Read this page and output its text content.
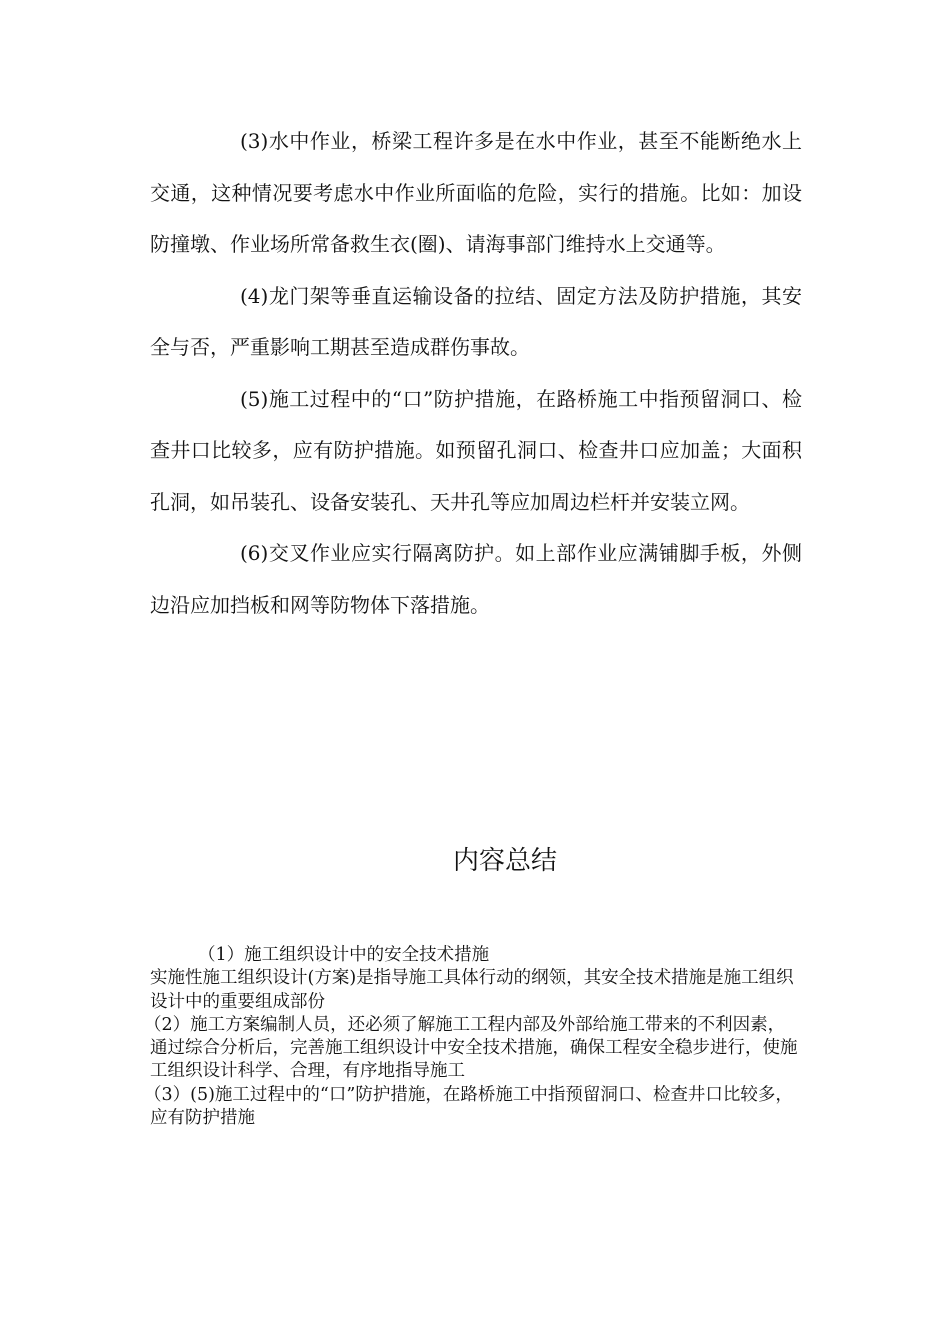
(3)水中作业，桥梁工程许多是在水中作业，甚至不能断绝水上交通，这种情况要考虑水中作业所面临的危险，实行的措施。比如：加设防撞墩、作业场所常备救生衣(圈)、请海事部门维持水上交通等。

(4)龙门架等垂直运输设备的拉结、固定方法及防护措施，其安全与否，严重影响工期甚至造成群伤事故。

(5)施工过程中的“口”防护措施，在路桥施工中指预留洞口、检查井口比较多，应有防护措施。如预留孔洞口、检查井口应加盖；大面积孔洞，如吊装孔、设备安装孔、天井孔等应加周边栏杆并安装立网。

(6)交叉作业应实行隔离防护。如上部作业应满铺脚手板，外侧边沿应加挡板和网等防物体下落措施。

内容总结

（1）施工组织设计中的安全技术措施

实施性施工组织设计(方案)是指导施工具体行动的纲领，其安全技术措施是施工组织设计中的重要组成部份

（2）施工方案编制人员，还必须了解施工工程内部及外部给施工带来的不利因素，通过综合分析后，完善施工组织设计中安全技术措施，确保工程安全稳步进行，使施工组织设计科学、合理，有序地指导施工

（3）(5)施工过程中的“口”防护措施，在路桥施工中指预留洞口、检查井口比较多，应有防护措施
